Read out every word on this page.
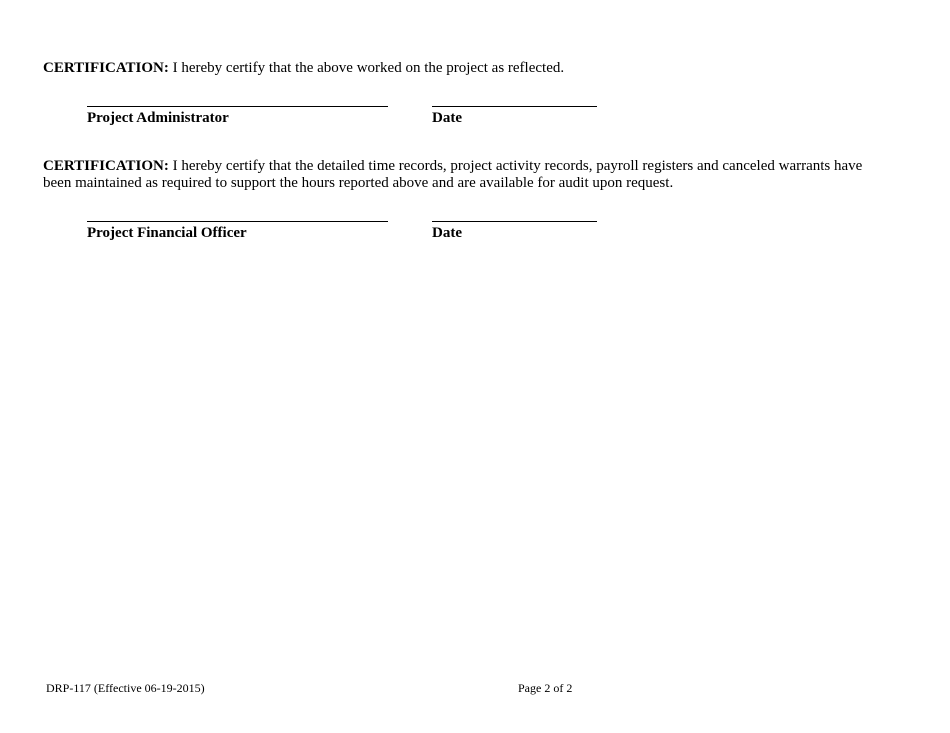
CERTIFICATION: I hereby certify that the above worked on the project as reflected.
Project Administrator	Date
CERTIFICATION: I hereby certify that the detailed time records, project activity records, payroll registers and canceled warrants have been maintained as required to support the hours reported above and are available for audit upon request.
Project Financial Officer	Date
DRP-117 (Effective 06-19-2015)	Page 2 of 2
